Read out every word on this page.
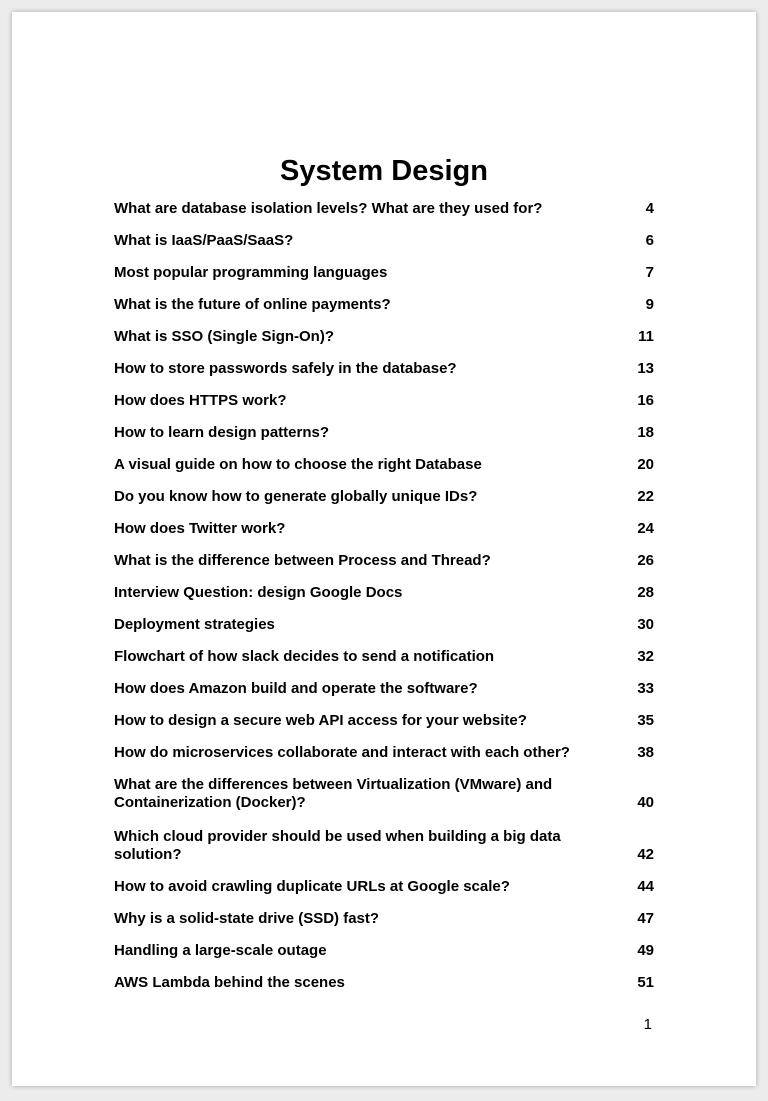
System Design
What are database isolation levels? What are they used for?	4
What is IaaS/PaaS/SaaS?	6
Most popular programming languages	7
What is the future of online payments?	9
What is SSO (Single Sign-On)?	11
How to store passwords safely in the database?	13
How does HTTPS work?	16
How to learn design patterns?	18
A visual guide on how to choose the right Database	20
Do you know how to generate globally unique IDs?	22
How does Twitter work?	24
What is the difference between Process and Thread?	26
Interview Question: design Google Docs	28
Deployment strategies	30
Flowchart of how slack decides to send a notification	32
How does Amazon build and operate the software?	33
How to design a secure web API access for your website?	35
How do microservices collaborate and interact with each other?	38
What are the differences between Virtualization (VMware) and Containerization (Docker)?	40
Which cloud provider should be used when building a big data solution?	42
How to avoid crawling duplicate URLs at Google scale?	44
Why is a solid-state drive (SSD) fast?	47
Handling a large-scale outage	49
AWS Lambda behind the scenes	51
1
